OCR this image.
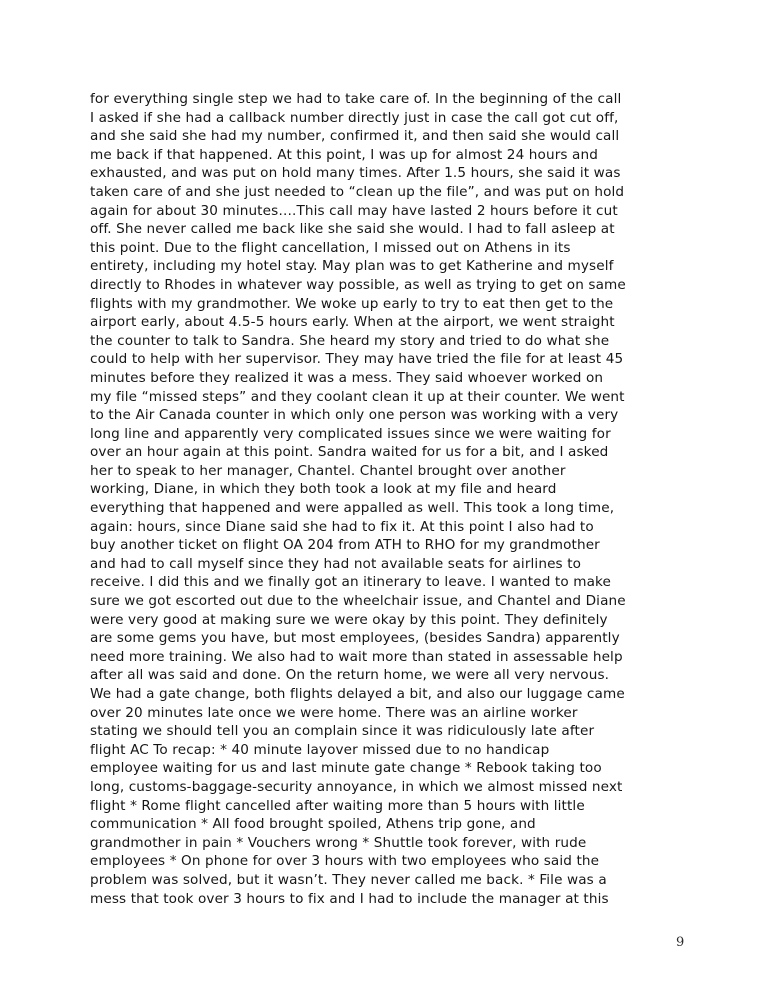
for everything single step we had to take care of. In the beginning of the call
I asked if she had a callback number directly just in case the call got cut off,
and she said she had my number, confirmed it, and then said she would call
me back if that happened. At this point, I was up for almost 24 hours and
exhausted, and was put on hold many times. After 1.5 hours, she said it was
taken care of and she just needed to “clean up the file”, and was put on hold
again for about 30 minutes….This call may have lasted 2 hours before it cut
off. She never called me back like she said she would. I had to fall asleep at
this point. Due to the flight cancellation, I missed out on Athens in its
entirety, including my hotel stay. May plan was to get Katherine and myself
directly to Rhodes in whatever way possible, as well as trying to get on same
flights with my grandmother. We woke up early to try to eat then get to the
airport early, about 4.5-5 hours early. When at the airport, we went straight
the counter to talk to Sandra. She heard my story and tried to do what she
could to help with her supervisor. They may have tried the file for at least 45
minutes before they realized it was a mess. They said whoever worked on
my file “missed steps” and they coolant clean it up at their counter. We went
to the Air Canada counter in which only one person was working with a very
long line and apparently very complicated issues since we were waiting for
over an hour again at this point. Sandra waited for us for a bit, and I asked
her to speak to her manager, Chantel. Chantel brought over another
working, Diane, in which they both took a look at my file and heard
everything that happened and were appalled as well. This took a long time,
again: hours, since Diane said she had to fix it. At this point I also had to
buy another ticket on flight OA 204 from ATH to RHO for my grandmother
and had to call myself since they had not available seats for airlines to
receive. I did this and we finally got an itinerary to leave. I wanted to make
sure we got escorted out due to the wheelchair issue, and Chantel and Diane
were very good at making sure we were okay by this point. They definitely
are some gems you have, but most employees, (besides Sandra) apparently
need more training. We also had to wait more than stated in assessable help
after all was said and done. On the return home, we were all very nervous.
We had a gate change, both flights delayed a bit, and also our luggage came
over 20 minutes late once we were home. There was an airline worker
stating we should tell you an complain since it was ridiculously late after
flight AC To recap: * 40 minute layover missed due to no handicap
employee waiting for us and last minute gate change * Rebook taking too
long, customs-baggage-security annoyance, in which we almost missed next
flight * Rome flight cancelled after waiting more than 5 hours with little
communication * All food brought spoiled, Athens trip gone, and
grandmother in pain * Vouchers wrong * Shuttle took forever, with rude
employees * On phone for over 3 hours with two employees who said the
problem was solved, but it wasn’t. They never called me back. * File was a
mess that took over 3 hours to fix and I had to include the manager at this
9
